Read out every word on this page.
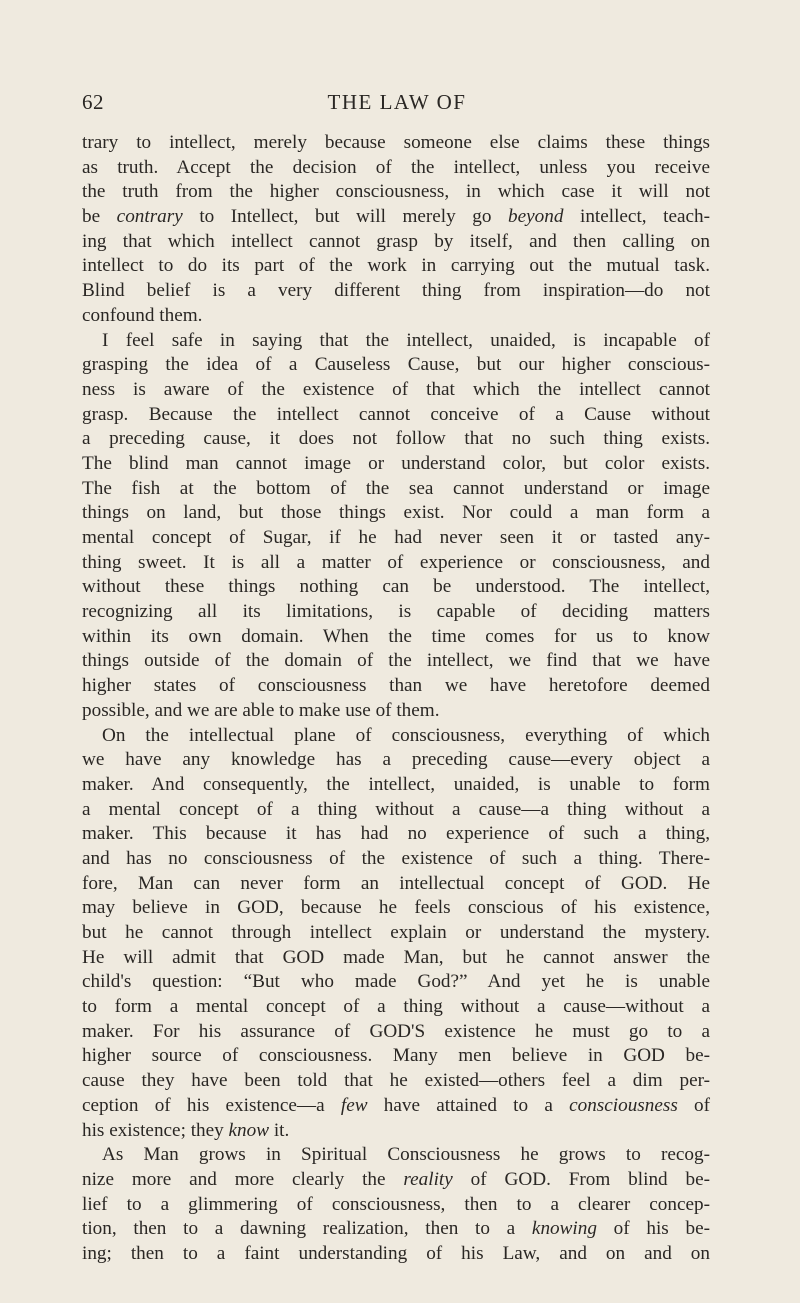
62	THE LAW OF
trary to intellect, merely because someone else claims these things
as truth. Accept the decision of the intellect, unless you receive
the truth from the higher consciousness, in which case it will not
be contrary to Intellect, but will merely go beyond intellect, teach-
ing that which intellect cannot grasp by itself, and then calling on
intellect to do its part of the work in carrying out the mutual task.
Blind belief is a very different thing from inspiration—do not
confound them.
I feel safe in saying that the intellect, unaided, is incapable of
grasping the idea of a Causeless Cause, but our higher conscious-
ness is aware of the existence of that which the intellect cannot
grasp. Because the intellect cannot conceive of a Cause without
a preceding cause, it does not follow that no such thing exists.
The blind man cannot image or understand color, but color exists.
The fish at the bottom of the sea cannot understand or image
things on land, but those things exist. Nor could a man form a
mental concept of Sugar, if he had never seen it or tasted any-
thing sweet. It is all a matter of experience or consciousness, and
without these things nothing can be understood. The intellect,
recognizing all its limitations, is capable of deciding matters
within its own domain. When the time comes for us to know
things outside of the domain of the intellect, we find that we have
higher states of consciousness than we have heretofore deemed
possible, and we are able to make use of them.
On the intellectual plane of consciousness, everything of which
we have any knowledge has a preceding cause—every object a
maker. And consequently, the intellect, unaided, is unable to form
a mental concept of a thing without a cause—a thing without a
maker. This because it has had no experience of such a thing,
and has no consciousness of the existence of such a thing. There-
fore, Man can never form an intellectual concept of GOD. He
may believe in GOD, because he feels conscious of his existence,
but he cannot through intellect explain or understand the mystery.
He will admit that GOD made Man, but he cannot answer the
child's question: “But who made God?” And yet he is unable
to form a mental concept of a thing without a cause—without a
maker. For his assurance of GOD'S existence he must go to a
higher source of consciousness. Many men believe in GOD be-
cause they have been told that he existed—others feel a dim per-
ception of his existence—a few have attained to a consciousness of
his existence; they know it.
As Man grows in Spiritual Consciousness he grows to recog-
nize more and more clearly the reality of GOD. From blind be-
lief to a glimmering of consciousness, then to a clearer concep-
tion, then to a dawning realization, then to a knowing of his be-
ing; then to a faint understanding of his Law, and on and on
